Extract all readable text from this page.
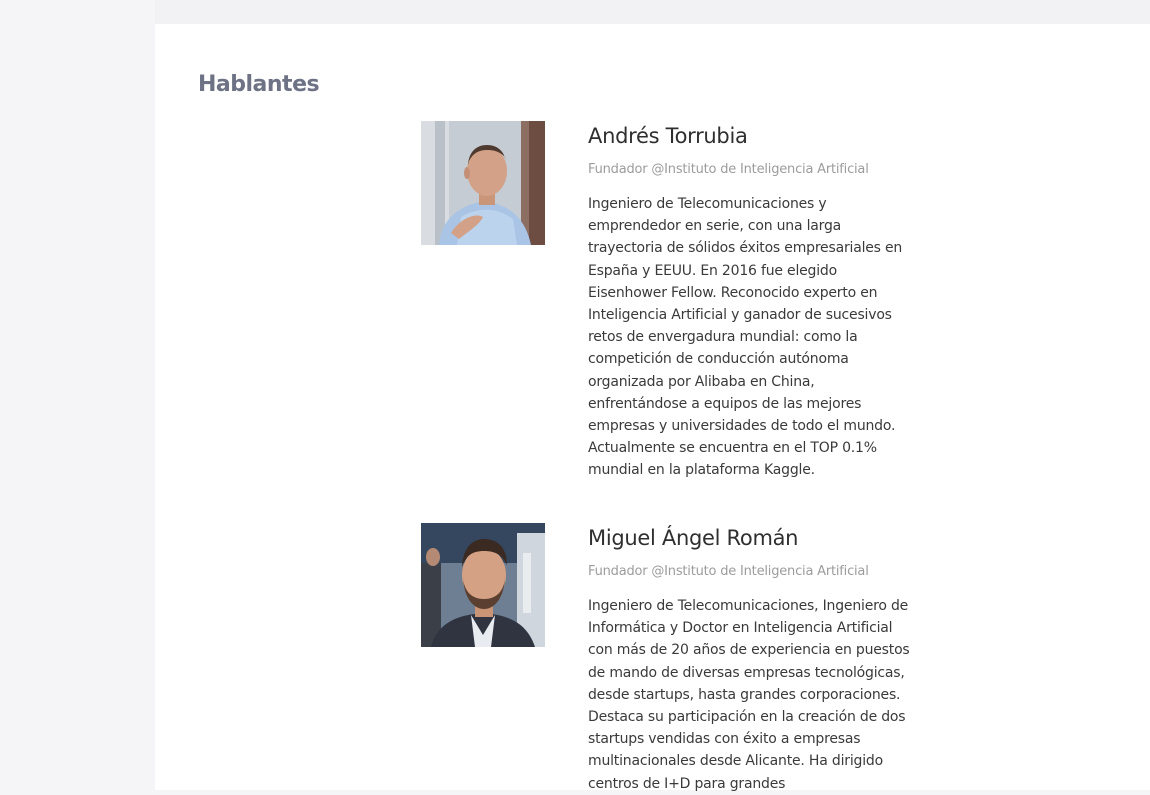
Hablantes
Andrés Torrubia

Fundador @Instituto de Inteligencia Artificial

Ingeniero de Telecomunicaciones y emprendedor en serie, con una larga trayectoria de sólidos éxitos empresariales en España y EEUU. En 2016 fue elegido Eisenhower Fellow. Reconocido experto en Inteligencia Artificial y ganador de sucesivos retos de envergadura mundial: como la competición de conducción autónoma organizada por Alibaba en China, enfrentándose a equipos de las mejores empresas y universidades de todo el mundo. Actualmente se encuentra en el TOP 0.1% mundial en la plataforma Kaggle.

Miguel Ángel Román

Fundador @Instituto de Inteligencia Artificial

Ingeniero de Telecomunicaciones, Ingeniero de Informática y Doctor en Inteligencia Artificial con más de 20 años de experiencia en puestos de mando de diversas empresas tecnológicas, desde startups, hasta grandes corporaciones. Destaca su participación en la creación de dos startups vendidas con éxito a empresas multinacionales desde Alicante. Ha dirigido centros de I+D para grandes
